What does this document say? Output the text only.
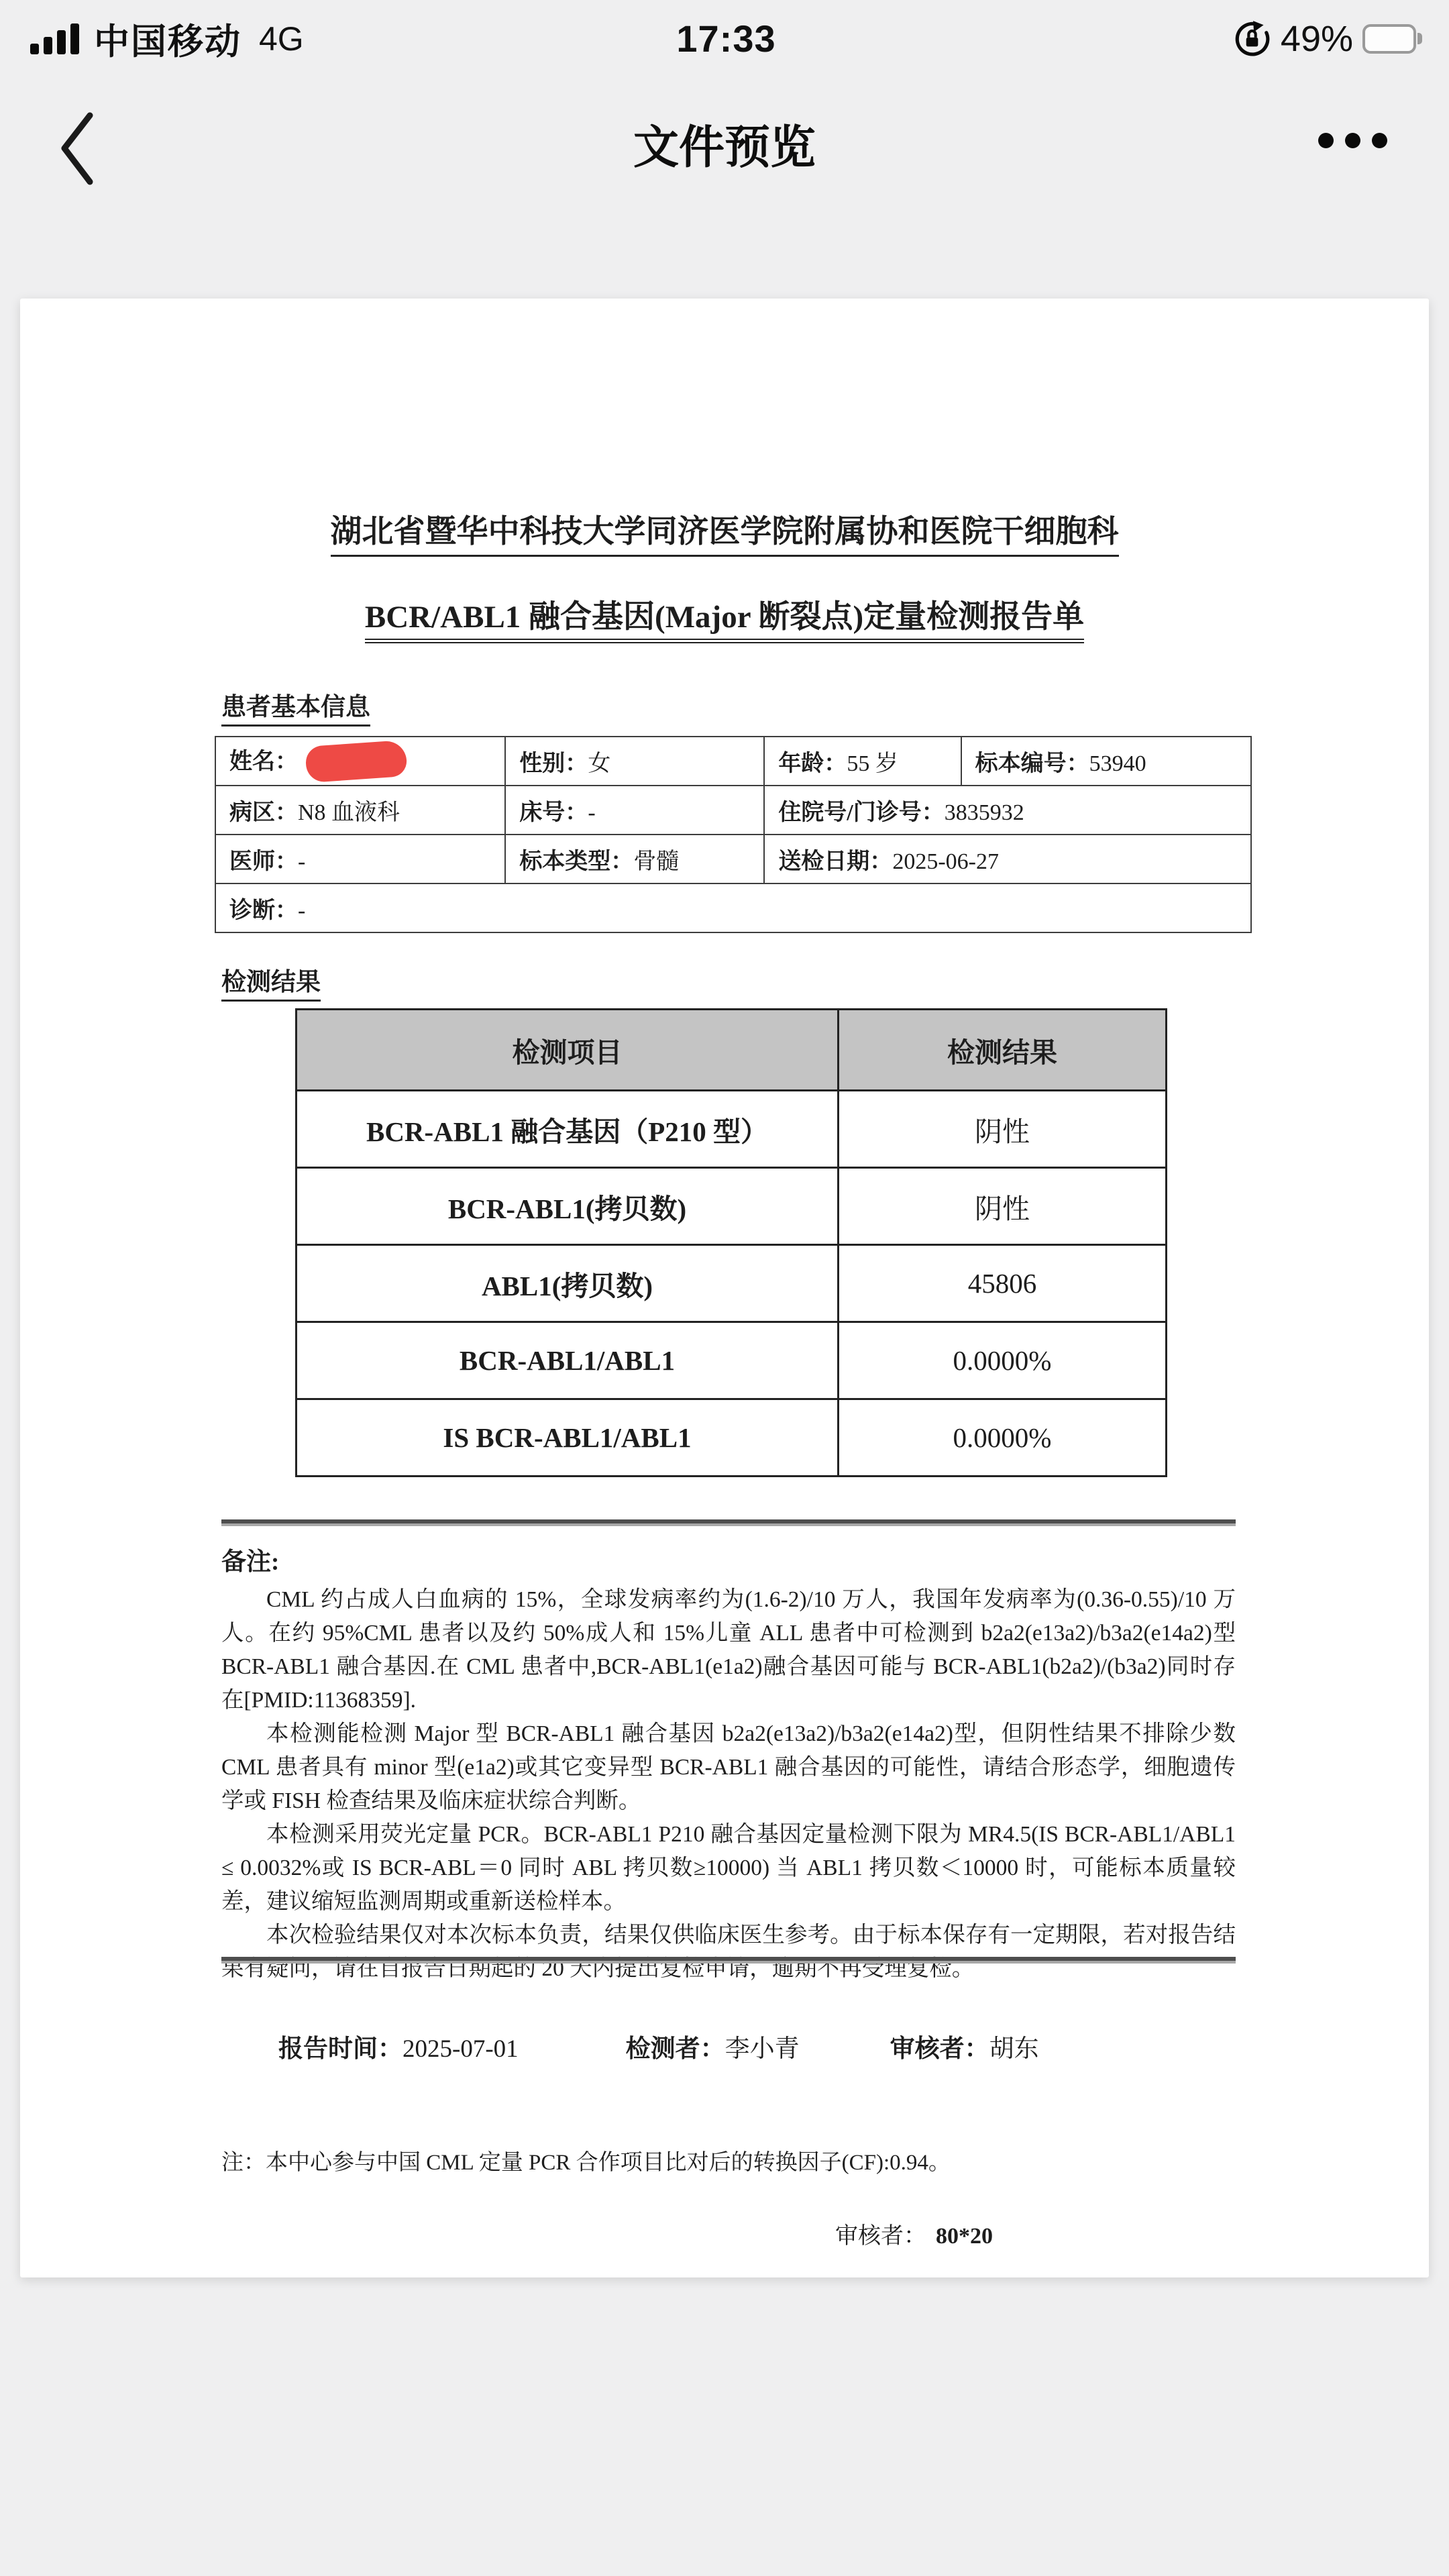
中国移动 4G	17:33	49%
文件预览
湖北省暨华中科技大学同济医学院附属协和医院干细胞科
BCR/ABL1 融合基因(Major 断裂点)定量检测报告单
患者基本信息
姓名：	性别：女	年龄：55 岁	标本编号：53940
病区：N8 血液科	床号：-	住院号/门诊号：3835932	
医师：-	标本类型：骨髓	送检日期：2025-06-27	
诊断：-			
检测结果
检测项目	检测结果
BCR-ABL1 融合基因（P210 型）	阴性
BCR-ABL1(拷贝数)	阴性
ABL1(拷贝数)	45806
BCR-ABL1/ABL1	0.0000%
IS BCR-ABL1/ABL1	0.0000%
备注:

CML 约占成人白血病的 15%，全球发病率约为(1.6-2)/10 万人，我国年发病率为(0.36-0.55)/10 万人。在约 95%CML 患者以及约 50%成人和 15%儿童 ALL 患者中可检测到 b2a2(e13a2)/b3a2(e14a2)型 BCR-ABL1 融合基因.在 CML 患者中,BCR-ABL1(e1a2)融合基因可能与 BCR-ABL1(b2a2)/(b3a2)同时存在[PMID:11368359].

本检测能检测 Major 型 BCR-ABL1 融合基因 b2a2(e13a2)/b3a2(e14a2)型，但阴性结果不排除少数 CML 患者具有 minor 型(e1a2)或其它变异型 BCR-ABL1 融合基因的可能性，请结合形态学，细胞遗传学或 FISH 检查结果及临床症状综合判断。

本检测采用荧光定量 PCR。BCR-ABL1 P210 融合基因定量检测下限为 MR4.5(IS BCR-ABL1/ABL1 ≤ 0.0032%或 IS BCR-ABL＝0 同时 ABL 拷贝数≥10000) 当 ABL1 拷贝数＜10000 时，可能标本质量较差，建议缩短监测周期或重新送检样本。

本次检验结果仅对本次标本负责，结果仅供临床医生参考。由于标本保存有一定期限，若对报告结果有疑问，请在自报告日期起的 20 天内提出复检申请，逾期不再受理复检。

报告时间：2025-07-01	检测者：李小青	审核者：胡东
注：本中心参与中国 CML 定量 PCR 合作项目比对后的转换因子(CF):0.94。
审核者： 80*20
